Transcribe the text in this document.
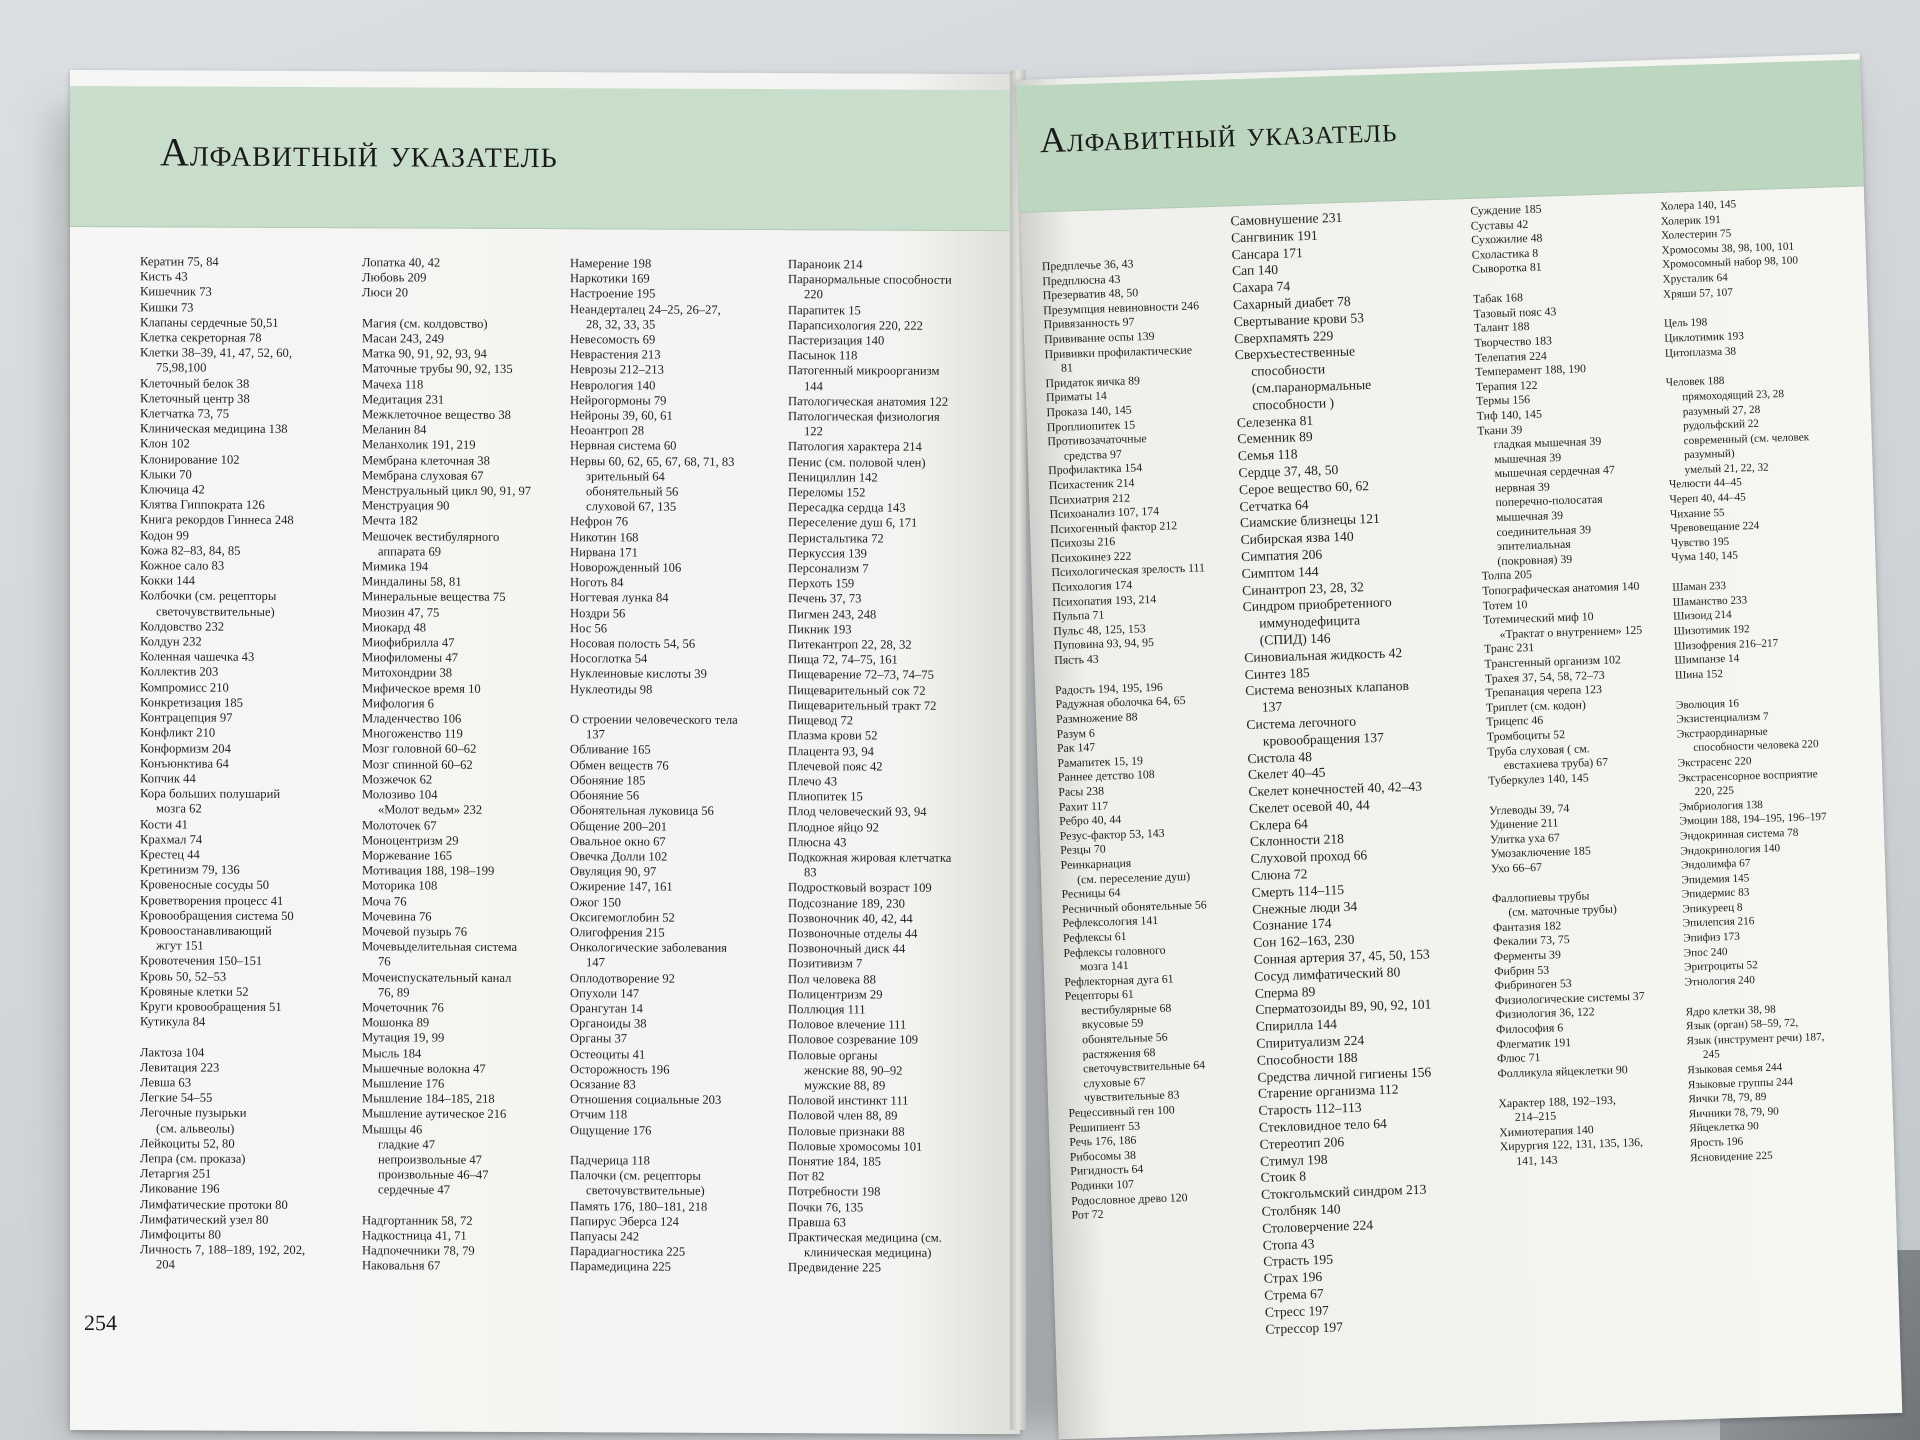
Алфавитный указатель
Кератин 75, 84
Кисть 43
Кишечник 73
Кишки 73
Клапаны сердечные 50,51
Клетка секреторная 78
Клетки 38–39, 41, 47, 52, 60,
75,98,100
Клеточный белок 38
Клеточный центр 38
Клетчатка 73, 75
Клиническая медицина 138
Клон 102
Клонирование 102
Клыки 70
Ключица 42
Клятва Гиппократа 126
Книга рекордов Гиннеса 248
Кодон 99
Кожа 82–83, 84, 85
Кожное сало 83
Кокки 144
Колбочки (см. рецепторы
светочувствительные)
Колдовство 232
Колдун 232
Коленная чашечка 43
Коллектив 203
Компромисс 210
Конкретизация 185
Контрацепция 97
Конфликт 210
Конформизм 204
Конъюнктива 64
Копчик 44
Кора больших полушарий
мозга 62
Кости 41
Крахмал 74
Крестец 44
Кретинизм 79, 136
Кровеносные сосуды 50
Кроветворения процесс 41
Кровообращения система 50
Кровоостанавливающий
жгут 151
Кровотечения 150–151
Кровь 50, 52–53
Кровяные клетки 52
Круги кровообращения 51
Кутикула 84
Лактоза 104
Левитация 223
Левша 63
Легкие 54–55
Легочные пузырьки
(см. альвеолы)
Лейкоциты 52, 80
Лепра (см. проказа)
Летаргия 251
Ликование 196
Лимфатические протоки 80
Лимфатический узел 80
Лимфоциты 80
Личность 7, 188–189, 192, 202,
204
Лопатка 40, 42
Любовь 209
Люси 20
Магия (см. колдовство)
Масаи 243, 249
Матка 90, 91, 92, 93, 94
Маточные трубы 90, 92, 135
Мачеха 118
Медитация 231
Межклеточное вещество 38
Меланин 84
Меланхолик 191, 219
Мембрана клеточная 38
Мембрана слуховая 67
Менструальный цикл 90, 91, 97
Менструация 90
Мечта 182
Мешочек вестибулярного
аппарата 69
Мимика 194
Миндалины 58, 81
Минеральные вещества 75
Миозин 47, 75
Миокард 48
Миофибрилла 47
Миофиломены 47
Митохондрии 38
Мифическое время 10
Мифология 6
Младенчество 106
Многоженство 119
Мозг головной 60–62
Мозг спинной 60–62
Мозжечок 62
Молозиво 104
«Молот ведьм» 232
Молоточек 67
Моноцентризм 29
Моржевание 165
Мотивация 188, 198–199
Моторика 108
Моча 76
Мочевина 76
Мочевой пузырь 76
Мочевыделительная система
76
Мочеиспускательный канал
76, 89
Мочеточник 76
Мошонка 89
Мутация 19, 99
Мысль 184
Мышечные волокна 47
Мышление 176
Мышление 184–185, 218
Мышление аутическое 216
Мышцы 46
гладкие 47
непроизвольные 47
произвольные 46–47
сердечные 47
Надгортанник 58, 72
Надкостница 41, 71
Надпочечники 78, 79
Наковальня 67
Намерение 198
Наркотики 169
Настроение 195
Неандерталец 24–25, 26–27,
28, 32, 33, 35
Невесомость 69
Неврастения 213
Неврозы 212–213
Неврология 140
Нейрогормоны 79
Нейроны 39, 60, 61
Неоантроп 28
Нервная система 60
Нервы 60, 62, 65, 67, 68, 71, 83
зрительный 64
обонятельный 56
слуховой 67, 135
Нефрон 76
Никотин 168
Нирвана 171
Новорожденный 106
Ноготь 84
Ногтевая лунка 84
Ноздри 56
Нос 56
Носовая полость 54, 56
Носоглотка 54
Нуклеиновые кислоты 39
Нуклеотиды 98
О строении человеческого тела
137
Обливание 165
Обмен веществ 76
Обоняние 185
Обоняние 56
Обонятельная луковица 56
Общение 200–201
Овальное окно 67
Овечка Долли 102
Овуляция 90, 97
Ожирение 147, 161
Ожог 150
Оксигемоглобин 52
Олигофрения 215
Онкологические заболевания
147
Оплодотворение 92
Опухоли 147
Орангутан 14
Органоиды 38
Органы 37
Остеоциты 41
Осторожность 196
Осязание 83
Отношения социальные 203
Отчим 118
Ощущение 176
Падчерица 118
Палочки (см. рецепторы
светочувствительные)
Память 176, 180–181, 218
Папирус Эберса 124
Папуасы 242
Парадиагностика 225
Парамедицина 225
Параноик 214
Паранормальные способности
220
Парапитек 15
Парапсихология 220, 222
Пастеризация 140
Пасынок 118
Патогенный микроорганизм
144
Патологическая анатомия 122
Патологическая физиология
122
Патология характера 214
Пенис (см. половой член)
Пенициллин 142
Переломы 152
Пересадка сердца 143
Переселение душ 6, 171
Перистальтика 72
Перкуссия 139
Персонализм 7
Перхоть 159
Печень 37, 73
Пигмен 243, 248
Пикник 193
Питекантроп 22, 28, 32
Пища 72, 74–75, 161
Пищеварение 72–73, 74–75
Пищеварительный сок 72
Пищеварительный тракт 72
Пищевод 72
Плазма крови 52
Плацента 93, 94
Плечевой пояс 42
Плечо 43
Плиопитек 15
Плод человеческий 93, 94
Плодное яйцо 92
Плюсна 43
Подкожная жировая клетчатка
83
Подростковый возраст 109
Подсознание 189, 230
Позвоночник 40, 42, 44
Позвоночные отделы 44
Позвоночный диск 44
Позитивизм 7
Пол человека 88
Полицентризм 29
Поллюция 111
Половое влечение 111
Половое созревание 109
Половые органы
женские 88, 90–92
мужские 88, 89
Половой инстинкт 111
Половой член 88, 89
Половые признаки 88
Половые хромосомы 101
Понятие 184, 185
Пот 82
Потребности 198
Почки 76, 135
Правша 63
Практическая медицина (см.
клиническая медицина)
Предвидение 225
254
Алфавитный указатель
Предплечье 36, 43
Предплюсна 43
Презерватив 48, 50
Презумпция невиновности 246
Привязанность 97
Прививание оспы 139
Прививки профилактические
81
Придаток яичка 89
Приматы 14
Проказа 140, 145
Проплиопитек 15
Противозачаточные
средства 97
Профилактика 154
Психастеник 214
Психиатрия 212
Психоанализ 107, 174
Психогенный фактор 212
Психозы 216
Психокинез 222
Психологическая зрелость 111
Психология 174
Психопатия 193, 214
Пульпа 71
Пульс 48, 125, 153
Пуповина 93, 94, 95
Пясть 43
Радость 194, 195, 196
Радужная оболочка 64, 65
Размножение 88
Разум 6
Рак 147
Рамапитек 15, 19
Раннее детство 108
Расы 238
Рахит 117
Ребро 40, 44
Резус-фактор 53, 143
Резцы 70
Реинкарнация
(см. переселение душ)
Ресницы 64
Ресничный обонятельные 56
Рефлексология 141
Рефлексы 61
Рефлексы головного
мозга 141
Рефлекторная дуга 61
Рецепторы 61
вестибулярные 68
вкусовые 59
обонятельные 56
растяжения 68
светочувствительные 64
слуховые 67
чувствительные 83
Рецессивный ген 100
Решипиент 53
Речь 176, 186
Рибосомы 38
Ригидность 64
Родинки 107
Родословное древо 120
Рот 72
Самовнушение 231
Сангвиник 191
Сансара 171
Сап 140
Сахара 74
Сахарный диабет 78
Свертывание крови 53
Сверхпамять 229
Сверхъестественные
способности
(см.паранормальные
способности )
Селезенка 81
Семенник 89
Семья 118
Сердце 37, 48, 50
Серое вещество 60, 62
Сетчатка 64
Сиамские близнецы 121
Сибирская язва 140
Симпатия 206
Симптом 144
Синантроп 23, 28, 32
Синдром приобретенного
иммунодефицита
(СПИД) 146
Синовиальная жидкость 42
Синтез 185
Система венозных клапанов
137
Система легочного
кровообращения 137
Систола 48
Скелет 40–45
Скелет конечностей 40, 42–43
Скелет осевой 40, 44
Склера 64
Склонности 218
Слуховой проход 66
Слюна 72
Смерть 114–115
Снежные люди 34
Сознание 174
Сон 162–163, 230
Сонная артерия 37, 45, 50, 153
Сосуд лимфатический 80
Сперма 89
Сперматозоиды 89, 90, 92, 101
Спирилла 144
Спиритуализм 224
Способности 188
Средства личной гигиены 156
Старение организма 112
Старость 112–113
Стекловидное тело 64
Стереотип 206
Стимул 198
Стоик 8
Стокгольмский синдром 213
Столбняк 140
Столоверчение 224
Стопа 43
Страсть 195
Страх 196
Стрема 67
Стресс 197
Стрессор 197
Суждение 185
Суставы 42
Сухожилие 48
Схоластика 8
Сыворотка 81
Табак 168
Тазовый пояс 43
Талант 188
Творчество 183
Телепатия 224
Темперамент 188, 190
Терапия 122
Термы 156
Тиф 140, 145
Ткани 39
гладкая мышечная 39
мышечная 39
мышечная сердечная 47
нервная 39
поперечно-полосатая
мышечная 39
соединительная 39
эпителиальная
(покровная) 39
Толпа 205
Топографическая анатомия 140
Тотем 10
Тотемический миф 10
«Трактат о внутреннем» 125
Транс 231
Трансгенный организм 102
Трахея 37, 54, 58, 72–73
Трепанация черепа 123
Триплет (см. кодон)
Трицепс 46
Тромбоциты 52
Труба слуховая ( см.
евстахиева труба) 67
Туберкулез 140, 145
Углеводы 39, 74
Удинение 211
Улитка уха 67
Умозаключение 185
Ухо 66–67
Фаллопиевы трубы
(см. маточные трубы)
Фантазия 182
Фекалии 73, 75
Ферменты 39
Фибрин 53
Фибриноген 53
Физиологические системы 37
Физиология 36, 122
Философия 6
Флегматик 191
Флюс 71
Фолликула яйцеклетки 90
Характер 188, 192–193,
214–215
Химиотерапия 140
Хирургия 122, 131, 135, 136,
141, 143
Холера 140, 145
Холерик 191
Холестерин 75
Хромосомы 38, 98, 100, 101
Хромосомный набор 98, 100
Хрусталик 64
Хряши 57, 107
Цель 198
Циклотимик 193
Цитоплазма 38
Человек 188
прямоходящий 23, 28
разумный 27, 28
рудольфский 22
современный (см. человек
разумный)
умелый 21, 22, 32
Челюсти 44–45
Череп 40, 44–45
Чихание 55
Чревовещание 224
Чувство 195
Чума 140, 145
Шаман 233
Шаманство 233
Шизоид 214
Шизотимик 192
Шизофрения 216–217
Шимпанзе 14
Шина 152
Эволюция 16
Экзистенциализм 7
Экстраординарные
способности человека 220
Экстрасенс 220
Экстрасенсорное восприятие
220, 225
Эмбриология 138
Эмоции 188, 194–195, 196–197
Эндокринная система 78
Эндокринология 140
Эндолимфа 67
Эпидемия 145
Эпидермис 83
Эпикуреец 8
Эпилепсия 216
Эпифиз 173
Эпос 240
Эритроциты 52
Этнология 240
Ядро клетки 38, 98
Язык (орган) 58–59, 72,
Язык (инструмент речи) 187,
245
Языковая семья 244
Языковые группы 244
Яички 78, 79, 89
Яичники 78, 79, 90
Яйцеклетка 90
Ярость 196
Ясновидение 225
